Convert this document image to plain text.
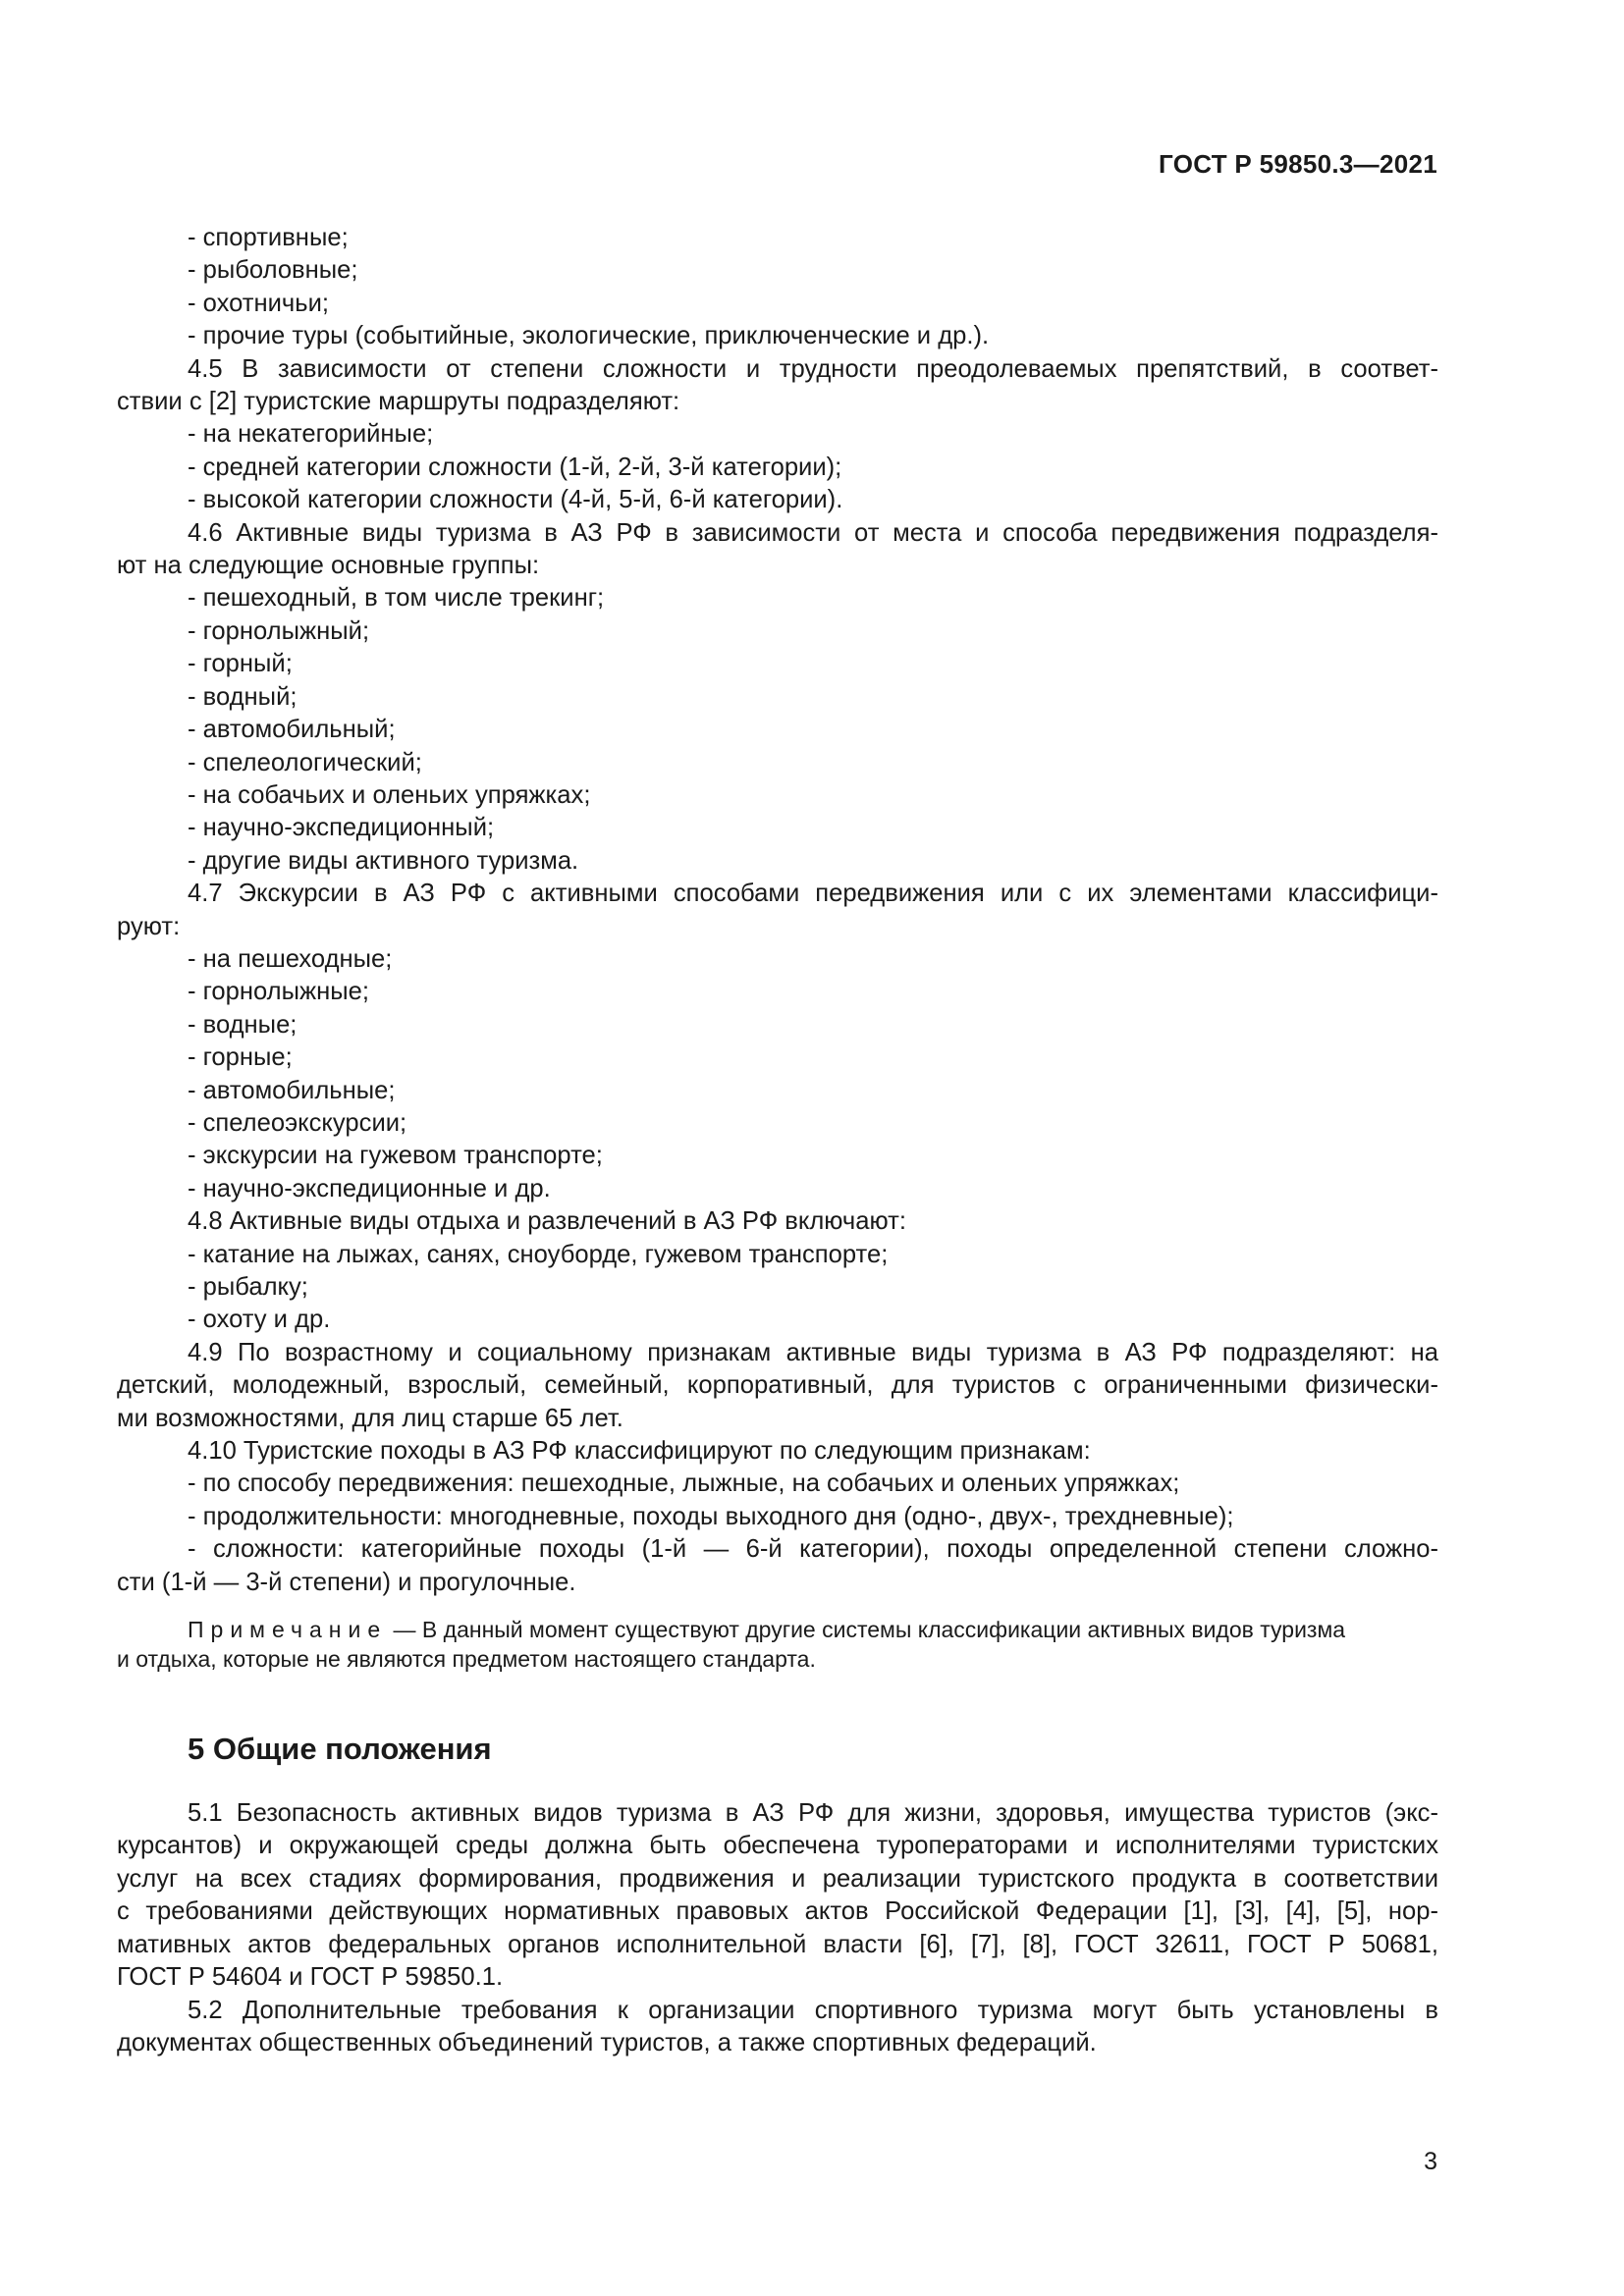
ГОСТ Р 59850.3—2021
- спортивные;
- рыболовные;
- охотничьи;
- прочие туры (событийные, экологические, приключенческие и др.).
4.5 В зависимости от степени сложности и трудности преодолеваемых препятствий, в соответ-
ствии с [2] туристские маршруты подразделяют:
- на некатегорийные;
- средней категории сложности (1-й, 2-й, 3-й категории);
- высокой категории сложности (4-й, 5-й, 6-й категории).
4.6 Активные виды туризма в АЗ РФ в зависимости от места и способа передвижения подразделя-
ют на следующие основные группы:
- пешеходный, в том числе трекинг;
- горнолыжный;
- горный;
- водный;
- автомобильный;
- спелеологический;
- на собачьих и оленьих упряжках;
- научно-экспедиционный;
- другие виды активного туризма.
4.7 Экскурсии в АЗ РФ с активными способами передвижения или с их элементами классифици-
руют:
- на пешеходные;
- горнолыжные;
- водные;
- горные;
- автомобильные;
- спелеоэкскурсии;
- экскурсии на гужевом транспорте;
- научно-экспедиционные и др.
4.8 Активные виды отдыха и развлечений в АЗ РФ включают:
- катание на лыжах, санях, сноуборде, гужевом транспорте;
- рыбалку;
- охоту и др.
4.9 По возрастному и социальному признакам активные виды туризма в АЗ РФ подразделяют: на
детский, молодежный, взрослый, семейный, корпоративный, для туристов с ограниченными физически-
ми возможностями, для лиц старше 65 лет.
4.10 Туристские походы в АЗ РФ классифицируют по следующим признакам:
- по способу передвижения: пешеходные, лыжные, на собачьих и оленьих упряжках;
- продолжительности: многодневные, походы выходного дня (одно-, двух-, трехдневные);
- сложности: категорийные походы (1-й — 6-й категории), походы определенной степени сложно-
сти (1-й — 3-й степени) и прогулочные.
Примечание — В данный момент существуют другие системы классификации активных видов туризма
и отдыха, которые не являются предметом настоящего стандарта.
5 Общие положения
5.1 Безопасность активных видов туризма в АЗ РФ для жизни, здоровья, имущества туристов (экс-
курсантов) и окружающей среды должна быть обеспечена туроператорами и исполнителями туристских
услуг на всех стадиях формирования, продвижения и реализации туристского продукта в соответствии
с требованиями действующих нормативных правовых актов Российской Федерации [1], [3], [4], [5], нор-
мативных актов федеральных органов исполнительной власти [6], [7], [8], ГОСТ 32611, ГОСТ Р 50681,
ГОСТ Р 54604 и ГОСТ Р 59850.1.
5.2 Дополнительные требования к организации спортивного туризма могут быть установлены в
документах общественных объединений туристов, а также спортивных федераций.
3
